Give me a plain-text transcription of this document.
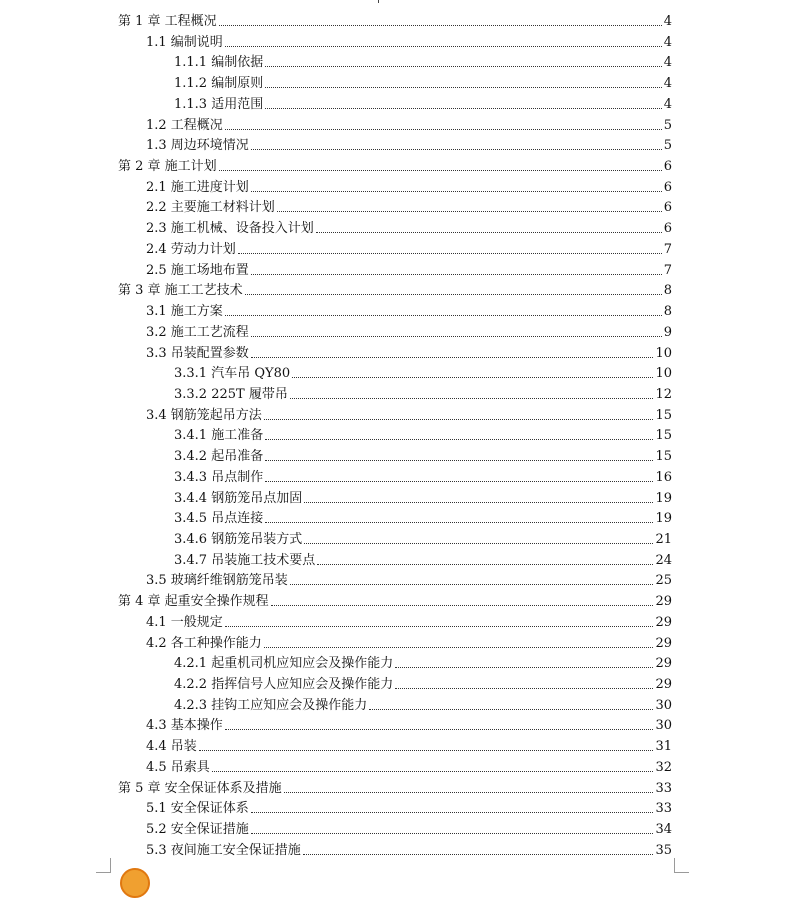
第 1 章 工程概况	4
1.1 编制说明	4
1.1.1 编制依据	4
1.1.2 编制原则	4
1.1.3 适用范围	4
1.2 工程概况	5
1.3 周边环境情况	5
第 2 章 施工计划	6
2.1 施工进度计划	6
2.2 主要施工材料计划	6
2.3 施工机械、设备投入计划	6
2.4 劳动力计划	7
2.5 施工场地布置	7
第 3 章 施工工艺技术	8
3.1 施工方案	8
3.2 施工工艺流程	9
3.3 吊装配置参数	10
3.3.1 汽车吊 QY80	10
3.3.2 225T 履带吊	12
3.4 钢筋笼起吊方法	15
3.4.1 施工准备	15
3.4.2 起吊准备	15
3.4.3 吊点制作	16
3.4.4 钢筋笼吊点加固	19
3.4.5 吊点连接	19
3.4.6 钢筋笼吊装方式	21
3.4.7 吊装施工技术要点	24
3.5 玻璃纤维钢筋笼吊装	25
第 4 章 起重安全操作规程	29
4.1 一般规定	29
4.2 各工种操作能力	29
4.2.1 起重机司机应知应会及操作能力	29
4.2.2 指挥信号人应知应会及操作能力	29
4.2.3 挂钩工应知应会及操作能力	30
4.3 基本操作	30
4.4 吊装	31
4.5 吊索具	32
第 5 章 安全保证体系及措施	33
5.1 安全保证体系	33
5.2 安全保证措施	34
5.3 夜间施工安全保证措施	35
